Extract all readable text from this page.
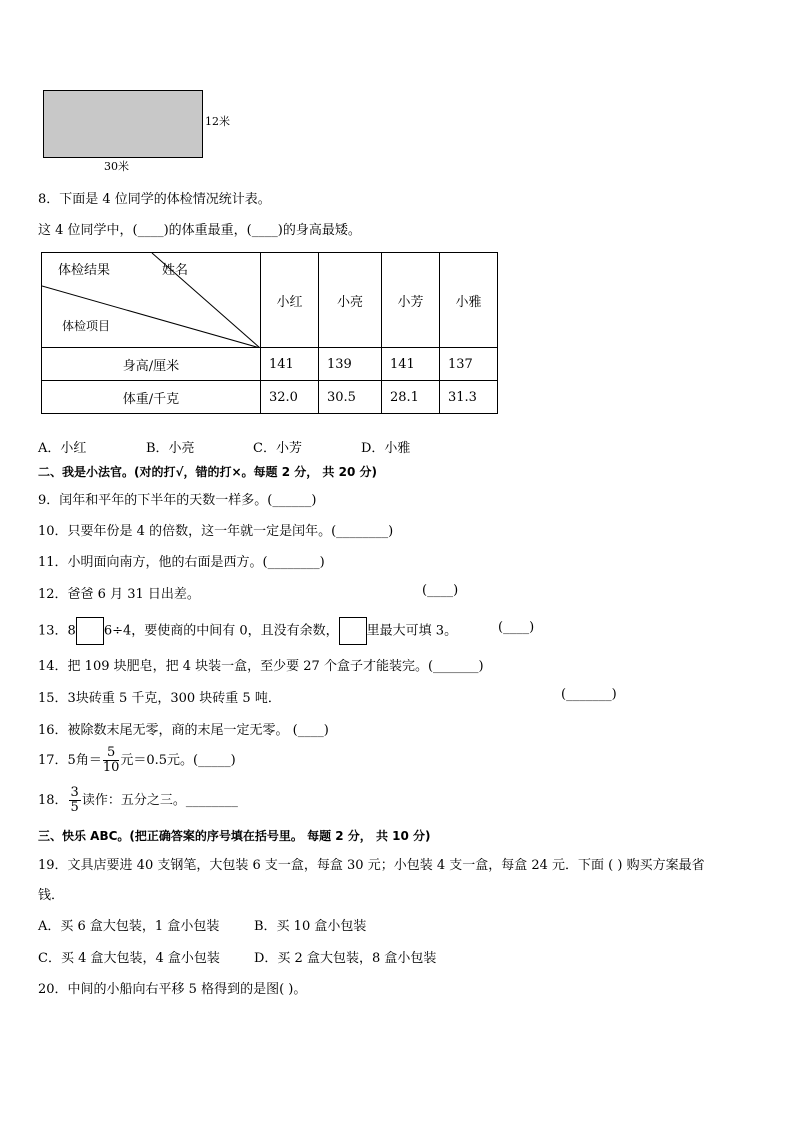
12米
30米
8．下面是 4 位同学的体检情况统计表。
这 4 位同学中，(____)的体重最重，(____)的身高最矮。
体检结果 姓名
体检项目	小红	小亮	小芳	小雅
身高/厘米	141	139	141	137
体重/千克	32.0	30.5	28.1	31.3
A．小红	B．小亮	C．小芳	D．小雅
二、我是小法官。(对的打√，错的打×。每题 2 分， 共 20 分)
9．闰年和平年的下半年的天数一样多。(______)
10．只要年份是 4 的倍数，这一年就一定是闰年。(________)
11．小明面向南方，他的右面是西方。(________)
12．爸爸 6 月 31 日出差。	(____)
13．8 6÷4，要使商的中间有 0，且没有余数， 里最大可填 3。	(____)
14．把 109 块肥皂，把 4 块装一盒，至少要 27 个盒子才能装完。(_______)
15．3块砖重 5 千克，300 块砖重 5 吨．	(_______)
16．被除数末尾无零，商的末尾一定无零。 (____)
17．5角＝ $\frac{5}{10}$ 元＝0.5元。(_____)
18． $\frac{3}{5}$ 读作：五分之三。________
三、快乐 ABC。(把正确答案的序号填在括号里。 每题 2 分， 共 10 分)
19．文具店要进 40 支钢笔，大包装 6 支一盒，每盒 30 元；小包装 4 支一盒，每盒 24 元．下面 ( ) 购买方案最省
钱．
A．买 6 盒大包装，1 盒小包装	B．买 10 盒小包装
C．买 4 盒大包装，4 盒小包装	D．买 2 盒大包装，8 盒小包装
20．中间的小船向右平移 5 格得到的是图( )。
